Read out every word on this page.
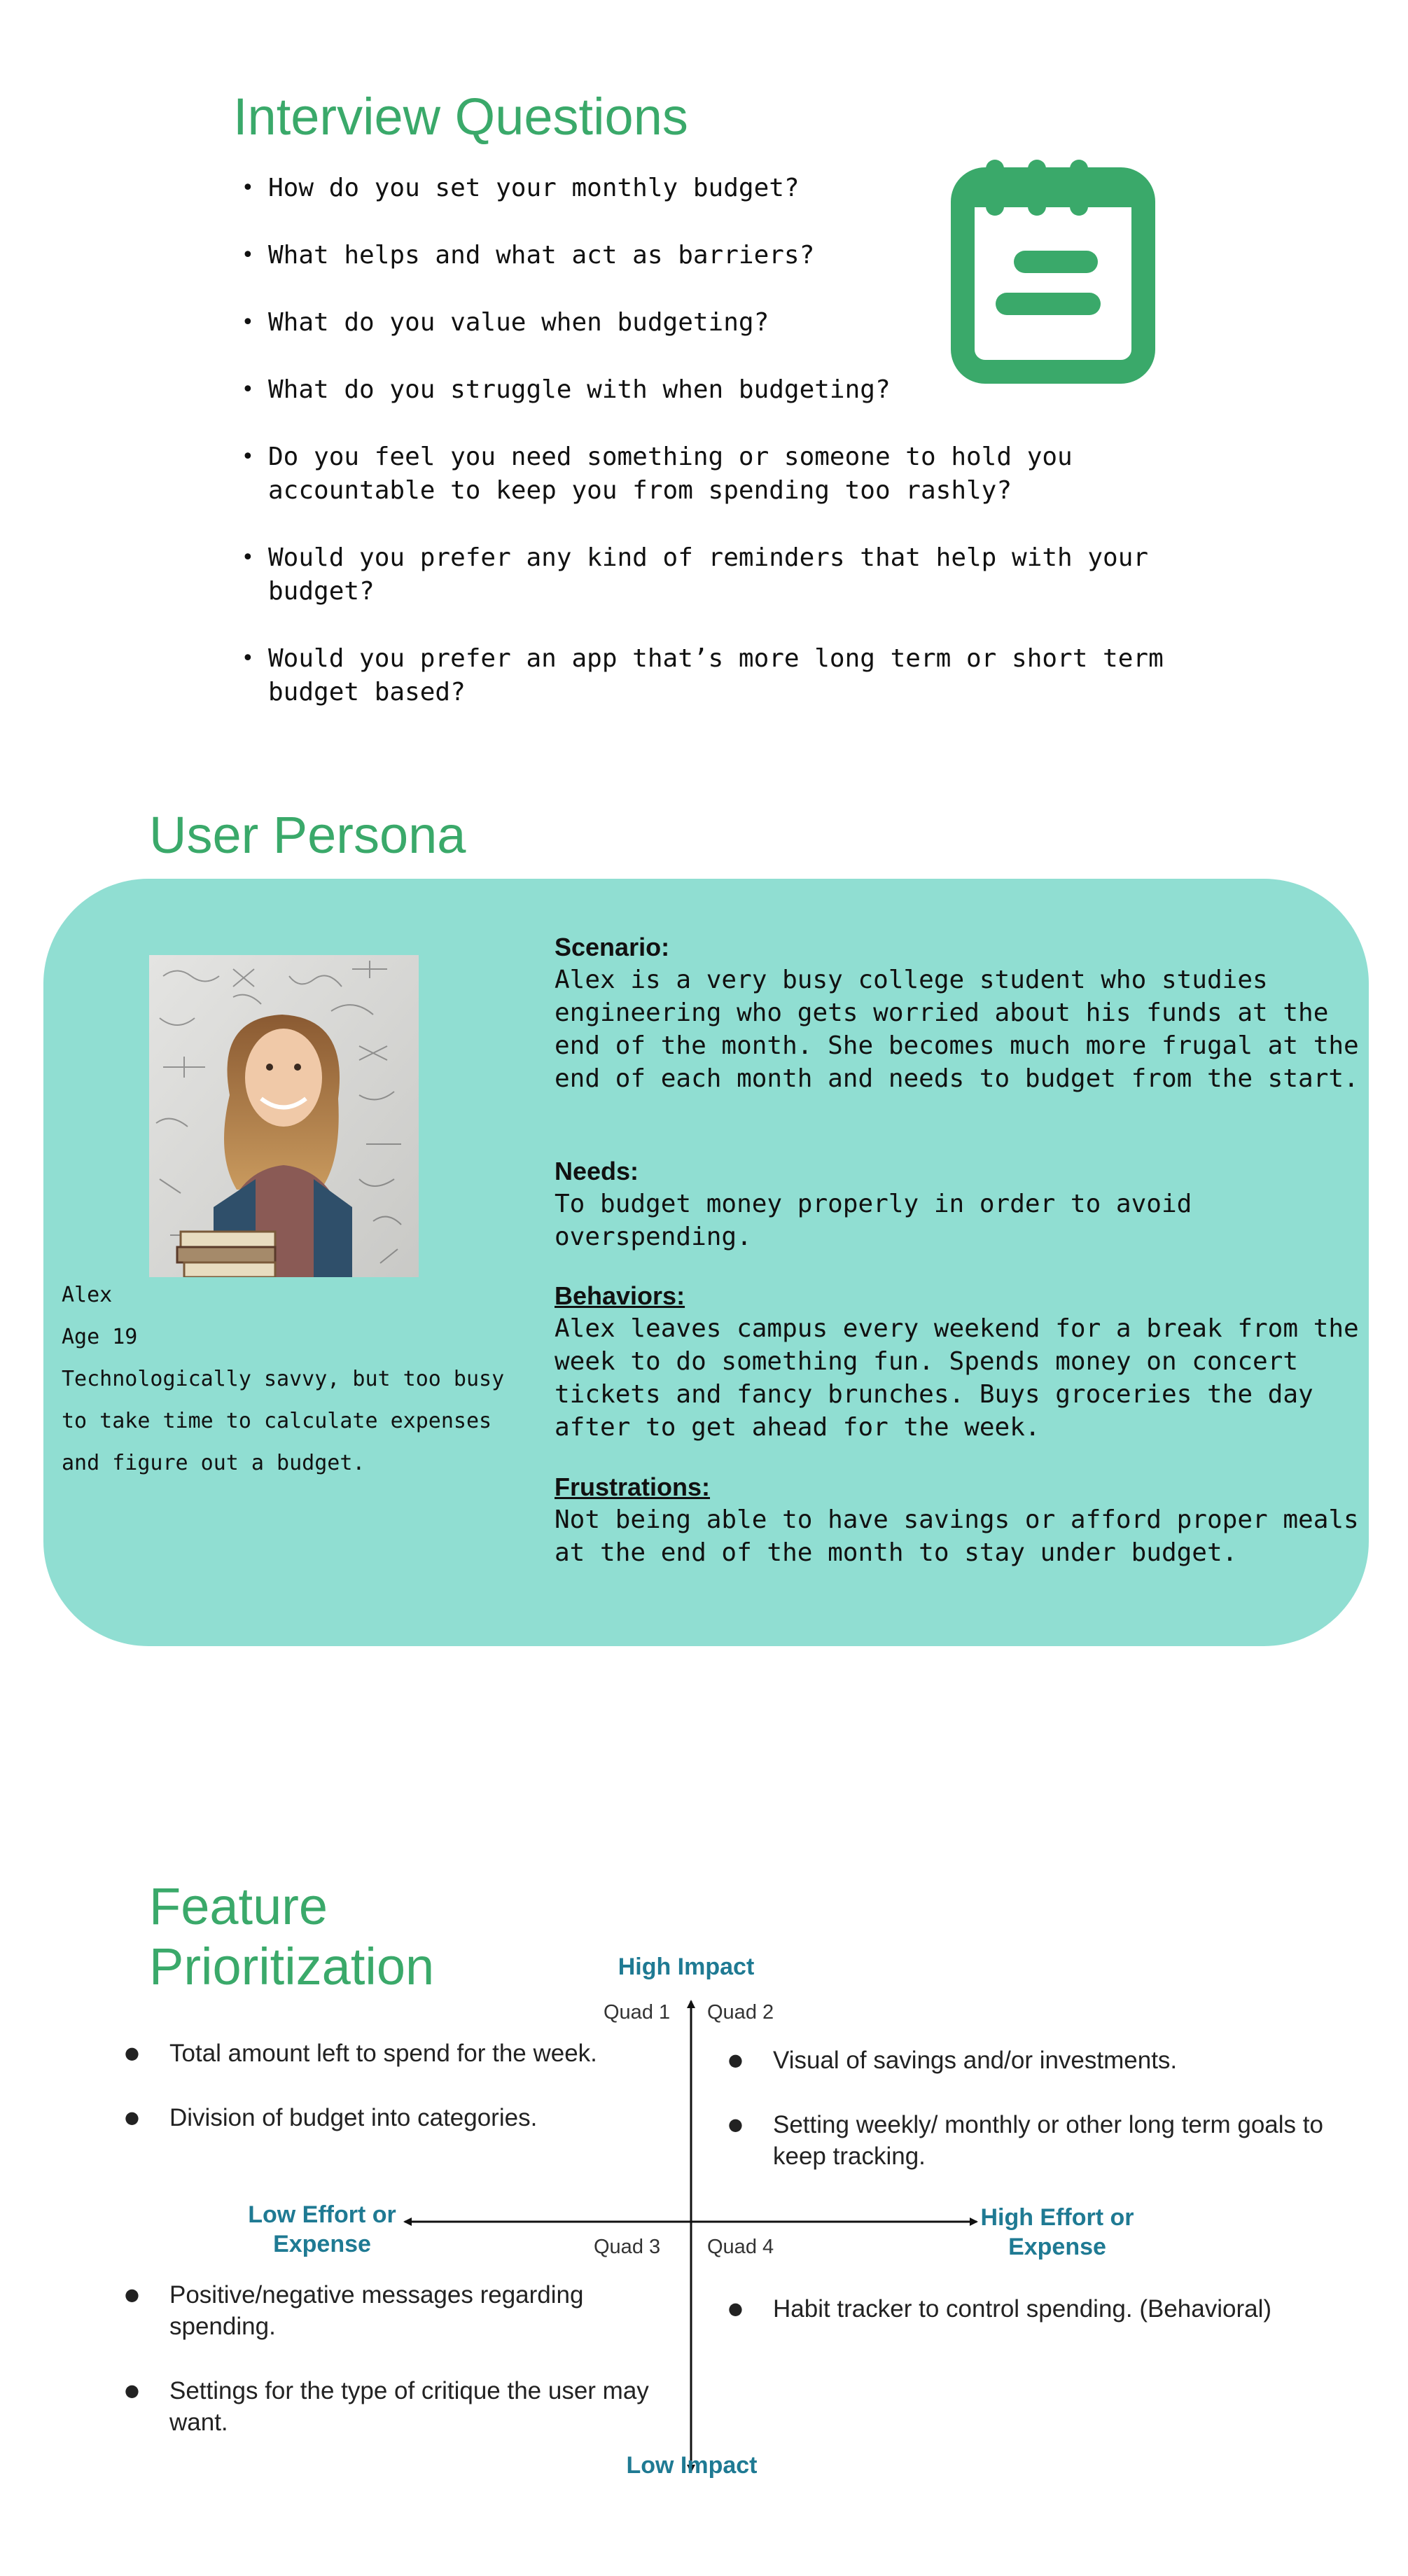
Interview Questions
• How do you set your monthly budget?
• What helps and what act as barriers?
• What do you value when budgeting?
• What do you struggle with when budgeting?
• Do you feel you need something or someone to hold you accountable to keep you from spending too rashly?
• Would you prefer any kind of reminders that help with your budget?
• Would you prefer an app that’s more long term or short term budget based?
User Persona
Alex
Age 19
Technologically savvy, but too busy
to take time to calculate expenses
and figure out a budget.
Scenario:
Alex is a very busy college student who studies engineering who gets worried about his funds at the end of the month. She becomes much more frugal at the end of each month and needs to budget from the start.
Needs:
To budget money properly in order to avoid overspending.
Behaviors:
Alex leaves campus every weekend for a break from the week to do something fun. Spends money on concert tickets and fancy brunches. Buys groceries the day after to get ahead for the week.
Frustrations:
Not being able to have savings or afford proper meals at the end of the month to stay under budget.
Feature
Prioritization	High Impact
Low Impact
Low Effort or
Expense
High Effort or
Expense
Quad 1 Quad 2
Quad 3 Quad 4
● Total amount left to spend for the week.
● Division of budget into categories.
● Visual of savings and/or investments.
● Setting weekly/ monthly or other long term goals to keep tracking.
● Positive/negative messages regarding spending.
● Settings for the type of critique the user may want.
● Habit tracker to control spending. (Behavioral)
